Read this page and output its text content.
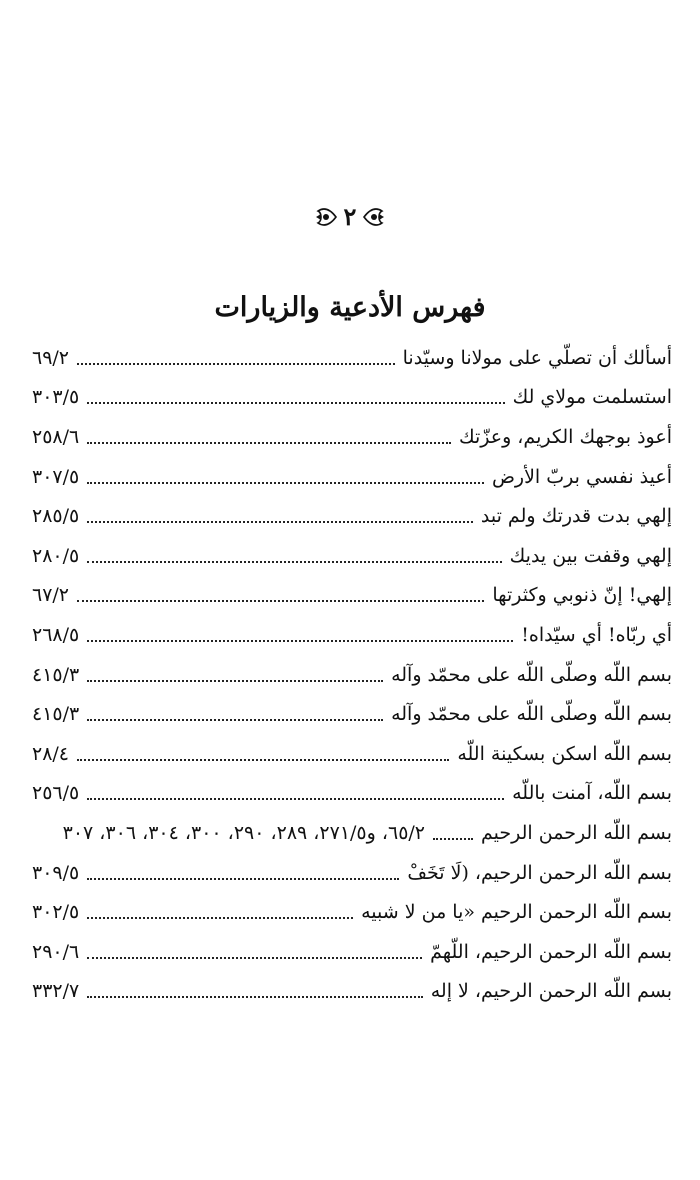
٢
فهرس الأدعية والزيارات
أسألك أن تصلّي على مولانا وسيّدنا
٦٩/٢
استسلمت مولاي لك
٣٠٣/٥
أعوذ بوجهك الكريم، وعزّتك
٢٥٨/٦
أعيذ نفسي بربّ الأرض
٣٠٧/٥
إلهي بدت قدرتك ولم تبد
٢٨٥/٥
إلهي وقفت بين يديك
٢٨٠/٥
إلهي! إنّ ذنوبي وكثرتها
٦٧/٢
أي ربّاه! أي سيّداه!
٢٦٨/٥
بسم اللّه وصلّى اللّه على محمّد وآله
٤١٥/٣
بسم اللّه وصلّى اللّه على محمّد وآله
٤١٥/٣
بسم اللّه اسكن بسكينة اللّه
٢٨/٤
بسم اللّه، آمنت باللّه
٢٥٦/٥
بسم اللّه الرحمن الرحيم
٦٥/٢، و٢٧١/٥، ٢٨٩، ٢٩٠، ٣٠٠، ٣٠٤، ٣٠٦، ٣٠٧
بسم اللّه الرحمن الرحيم، (لَا تَخَفْ
٣٠٩/٥
بسم اللّه الرحمن الرحيم «يا من لا شبيه
٣٠٢/٥
بسم اللّه الرحمن الرحيم، اللّهمّ
٢٩٠/٦
بسم اللّه الرحمن الرحيم، لا إله
٣٣٢/٧
